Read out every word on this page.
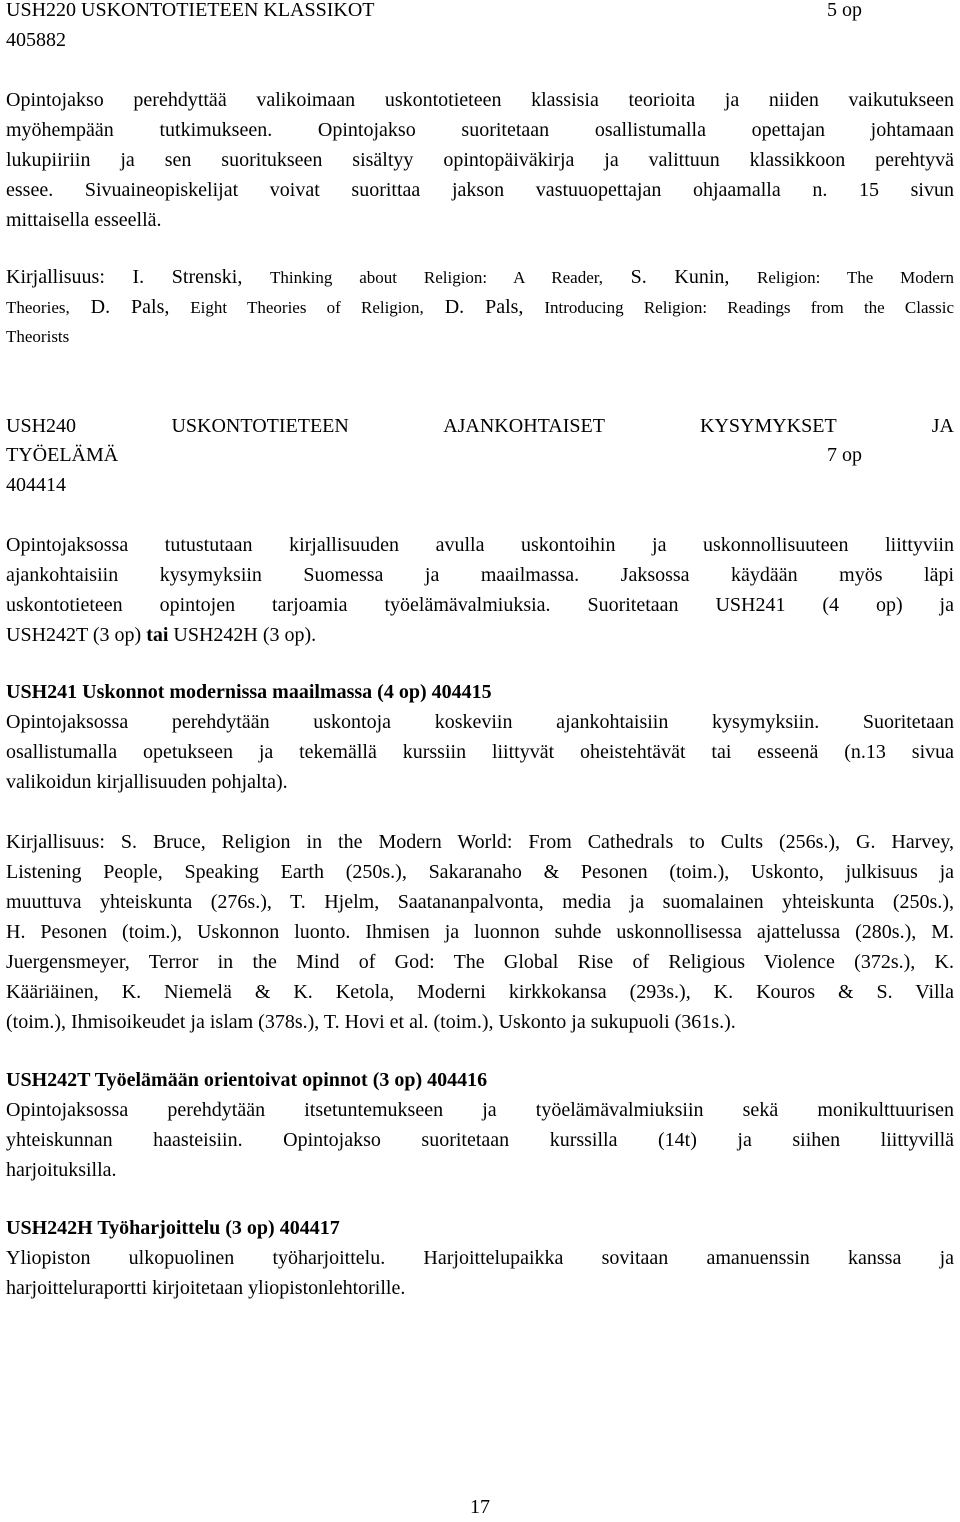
USH220 USKONTOTIETEEN KLASSIKOT	5 op
405882
Opintojakso perehdyttää valikoimaan uskontotieteen klassisia teorioita ja niiden vaikutukseen
myöhempään tutkimukseen. Opintojakso suoritetaan osallistumalla opettajan johtamaan
lukupiiriin ja sen suoritukseen sisältyy opintopäiväkirja ja valittuun klassikkoon perehtyvä
essee. Sivuaineopiskelijat voivat suorittaa jakson vastuuopettajan ohjaamalla n. 15 sivun
mittaisella esseellä.
Kirjallisuus: I. Strenski, Thinking about Religion: A Reader, S. Kunin, Religion: The Modern
Theories, D. Pals, Eight Theories of Religion, D. Pals, Introducing Religion: Readings from the Classic
Theorists
USH240 USKONTOTIETEEN AJANKOHTAISET KYSYMYKSET JA
TYÖELÄMÄ	7 op
404414
Opintojaksossa tutustutaan kirjallisuuden avulla uskontoihin ja uskonnollisuuteen liittyviin
ajankohtaisiin kysymyksiin Suomessa ja maailmassa. Jaksossa käydään myös läpi
uskontotieteen opintojen tarjoamia työelämävalmiuksia. Suoritetaan USH241 (4 op) ja
USH242T (3 op) tai USH242H (3 op).
USH241 Uskonnot modernissa maailmassa (4 op) 404415
Opintojaksossa perehdytään uskontoja koskeviin ajankohtaisiin kysymyksiin. Suoritetaan
osallistumalla opetukseen ja tekemällä kurssiin liittyvät oheistehtävät tai esseenä (n.13 sivua
valikoidun kirjallisuuden pohjalta).
Kirjallisuus: S. Bruce, Religion in the Modern World: From Cathedrals to Cults (256s.), G. Harvey,
Listening People, Speaking Earth (250s.), Sakaranaho & Pesonen (toim.), Uskonto, julkisuus ja
muuttuva yhteiskunta (276s.), T. Hjelm, Saatananpalvonta, media ja suomalainen yhteiskunta (250s.),
H. Pesonen (toim.), Uskonnon luonto. Ihmisen ja luonnon suhde uskonnollisessa ajattelussa (280s.), M.
Juergensmeyer, Terror in the Mind of God: The Global Rise of Religious Violence (372s.), K.
Kääriäinen, K. Niemelä & K. Ketola, Moderni kirkkokansa (293s.), K. Kouros & S. Villa
(toim.), Ihmisoikeudet ja islam (378s.), T. Hovi et al. (toim.), Uskonto ja sukupuoli (361s.).
USH242T Työelämään orientoivat opinnot (3 op) 404416
Opintojaksossa perehdytään itsetuntemukseen ja työelämävalmiuksiin sekä monikulttuurisen
yhteiskunnan haasteisiin. Opintojakso suoritetaan kurssilla (14t) ja siihen liittyvillä
harjoituksilla.
USH242H Työharjoittelu (3 op) 404417
Yliopiston ulkopuolinen työharjoittelu. Harjoittelupaikka sovitaan amanuenssin kanssa ja
harjoitteluraportti kirjoitetaan yliopistonlehtorille.
17
